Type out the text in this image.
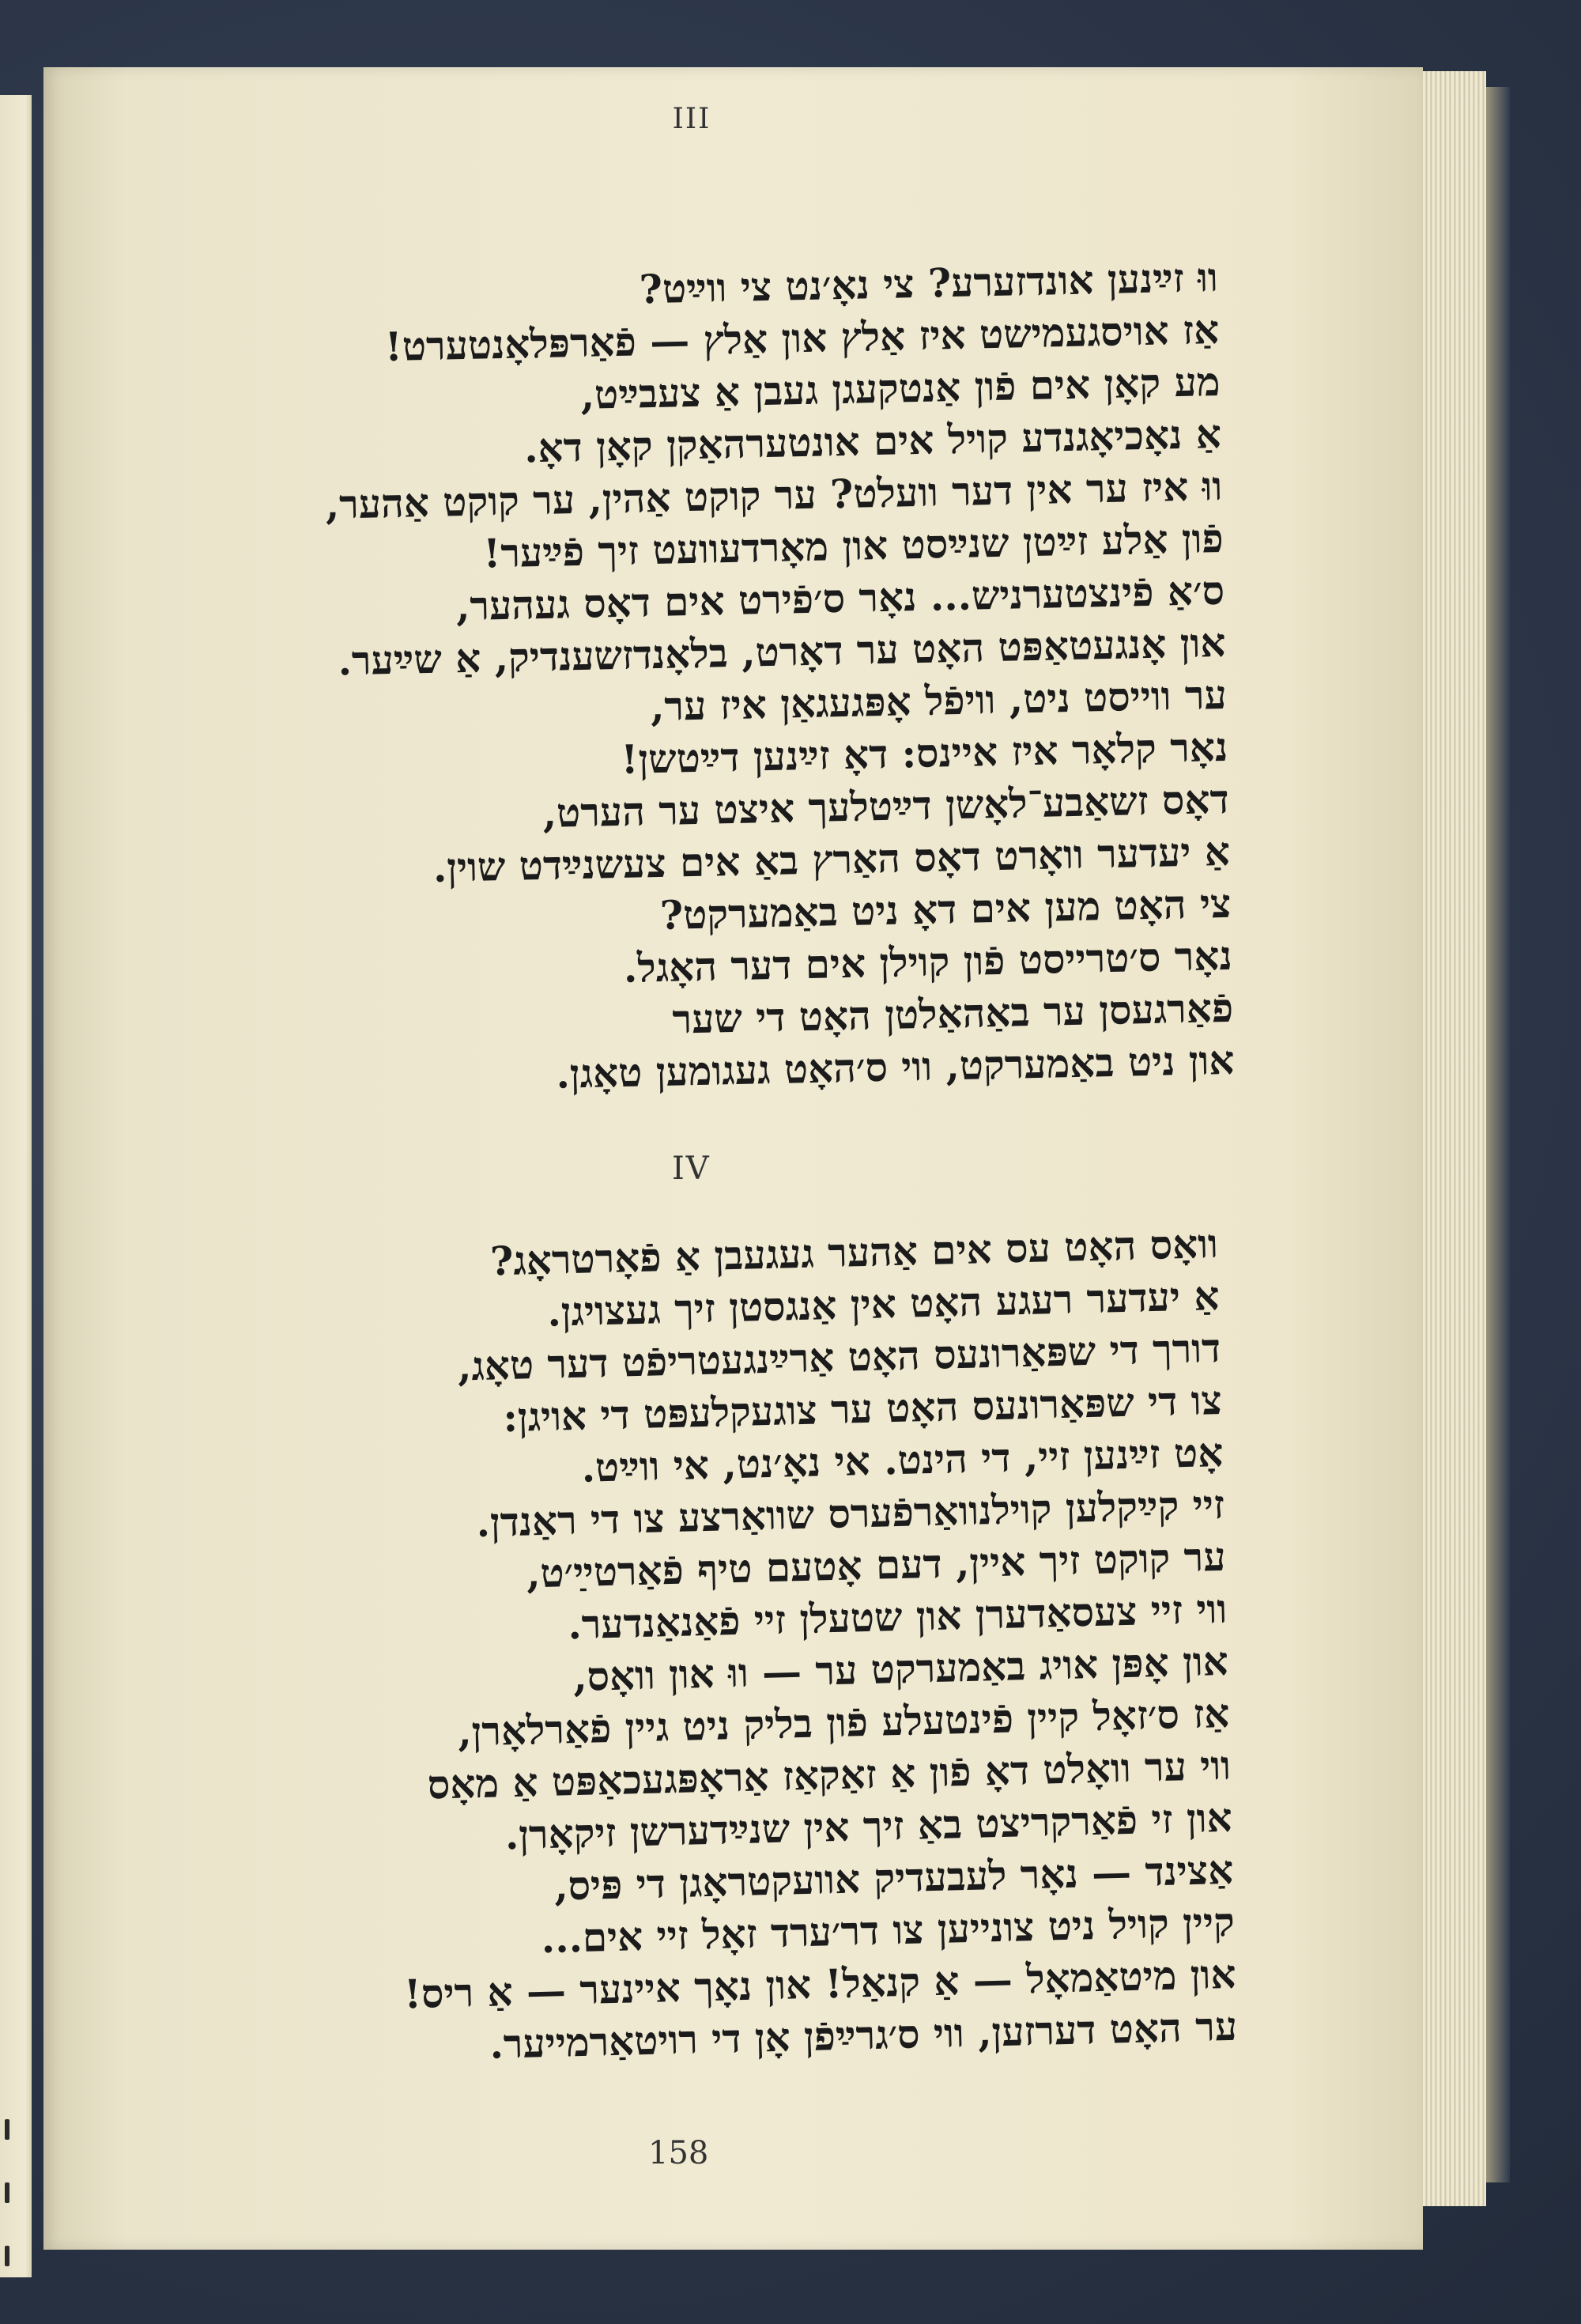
III

ווּ זײַנען אונדזערע? צי נאָ׳נט צי ווײַט?

אַז אויסגעמישט איז אַלץ און אַלץ — פֿאַרפּלאָנטערט!

מע קאָן אים פֿון אַנטקעגן געבן אַ צעבײַט,

אַ נאָכיאָגנדע קויל אים אונטערהאַקן קאָן דאָ.

ווּ איז ער אין דער וועלט? ער קוקט אַהין, ער קוקט אַהער,

פֿון אַלע זײַטן שנײַסט און מאָרדעוועט זיך פֿײַער!

ס׳אַ פֿינצטערניש... נאָר ס׳פֿירט אים דאָס געהער,

און אָנגעטאַפּט האָט ער דאָרט, בלאָנדזשענדיק, אַ שײַער.

ער ווייסט ניט, וויפֿל אָפּגעגאַן איז ער,

נאָר קלאָר איז איינס: דאָ זײַנען דײַטשן!

דאָס זשאַבע־לאָשן דײַטלעך איצט ער הערט,

אַ יעדער וואָרט דאָס האַרץ באַ אים צעשנײַדט שוין.

צי האָט מען אים דאָ ניט באַמערקט?

נאָר ס׳טרייסט פֿון קוילן אים דער האָגל.

פֿאַרגעסן ער באַהאַלטן האָט די שער

און ניט באַמערקט, ווי ס׳האָט געגומען טאָגן.

IV

וואָס האָט עס אים אַהער געגעבן אַ פֿאָרטראָג?

אַ יעדער רעגע האָט אין אַנגסטן זיך געצויגן.

דורך די שפּאַרונעס האָט אַרײַנגעטריפֿט דער טאָג,

צו די שפּאַרונעס האָט ער צוגעקלעפּט די אויגן:

אָט זײַנען זיי, די הינט. אי נאָ׳נט, אי ווײַט.

זיי קײַקלען קוילנוואַרפֿערס שוואַרצע צו די ראַנדן.

ער קוקט זיך איין, דעם אָטעם טיף פֿאַרטײַ׳ט,

ווי זיי צעסאַדערן און שטעלן זיי פֿאַנאַנדער.

און אָפּן אויג באַמערקט ער — ווּ און וואָס,

אַז ס׳זאָל קיין פֿינטעלע פֿון בליק ניט גיין פֿאַרלאָרן,

ווי ער וואָלט דאָ פֿון אַ זאַקאַז אַראָפּגעכאַפּט אַ מאָס

און זי פֿאַרקריצט באַ זיך אין שנײַדערשן זיקאָרן.

אַצינד — נאָר לעבעדיק אוועקטראָגן די פּיס,

קיין קויל ניט צונייען צו דר׳ערד זאָל זיי אים...

און מיטאַמאָל — אַ קנאַל! און נאָך איינער — אַ ריס!

ער האָט דערזען, ווי ס׳גרײַפֿן אָן די רויטאַרמייער.

158
